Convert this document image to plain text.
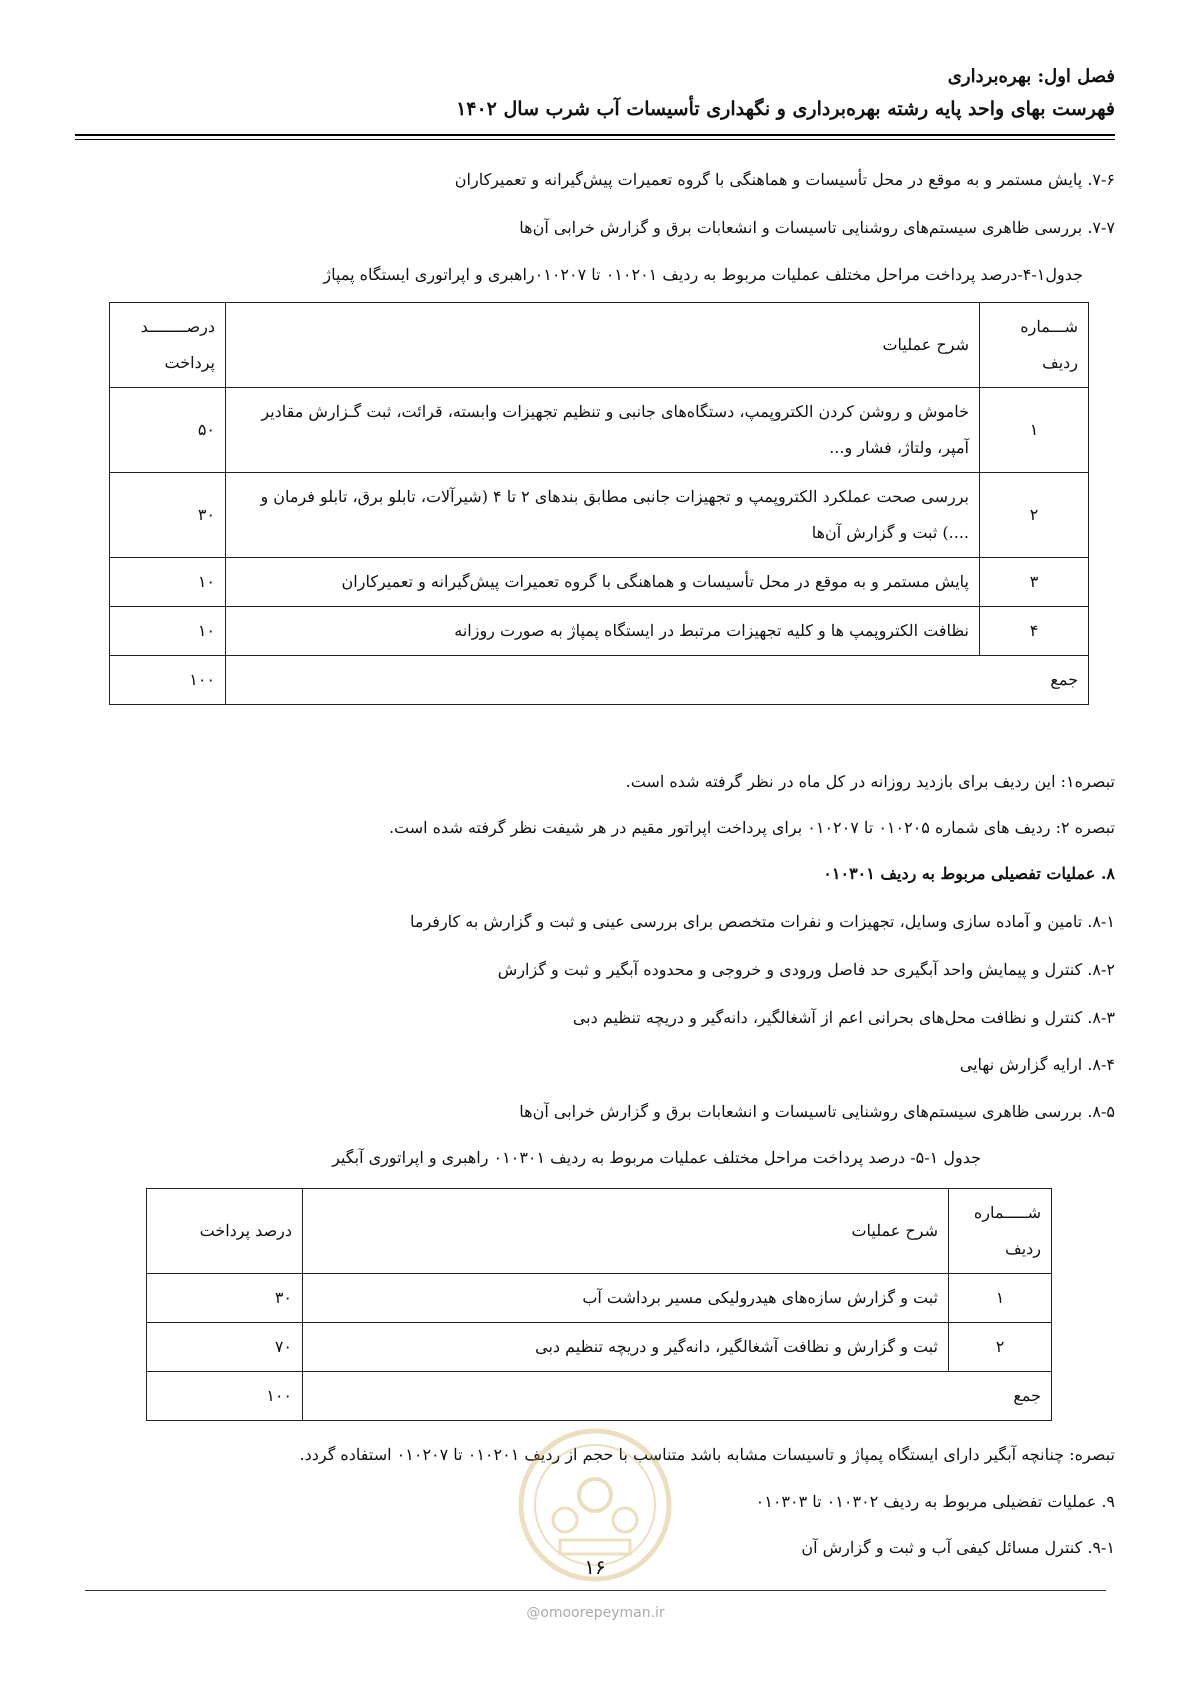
فصل اول: بهره‌برداری
فهرست بهای واحد پایه رشته بهره‌برداری و نگهداری تأسیسات آب شرب سال ۱۴۰۲
۷-۶. پایش مستمر و به موقع در محل تأسیسات و هماهنگی با گروه تعمیرات پیش‌گیرانه و تعمیرکاران
۷-۷. بررسی ظاهری سیستم‌های روشنایی تاسیسات و انشعابات برق و گزارش خرابی آن‌ها
جدول۱-۴-درصد پرداخت مراحل مختلف عملیات مربوط به ردیف ۰۱۰۲۰۱ تا ۰۱۰۲۰۷راهبری و اپراتوری ایستگاه پمپاژ
شـــماره ردیف	شرح عملیات	درصــــــــد پرداخت
۱	خاموش و روشن کردن الکتروپمپ، دستگاه‌های جانبی و تنظیم تجهیزات وابسته، قرائت، ثبت گـزارش مقادیر آمپر، ولتاژ، فشار و...	۵۰
۲	بررسی صحت عملکرد الکتروپمپ و تجهیزات جانبی مطابق بندهای ۲ تا ۴ (شیرآلات، تابلو برق، تابلو فرمان و ....) ثبت و گزارش آن‌ها	۳۰
۳	پایش مستمر و به موقع در محل تأسیسات و هماهنگی با گروه تعمیرات پیش‌گیرانه و تعمیرکاران	۱۰
۴	نظافت الکتروپمپ ها و کلیه تجهیزات مرتبط در ایستگاه پمپاژ به صورت روزانه	۱۰
جمع		۱۰۰
تبصره۱: این ردیف برای بازدید روزانه در کل ماه در نظر گرفته شده است.
تبصره ۲: ردیف های شماره ۰۱۰۲۰۵ تا ۰۱۰۲۰۷ برای پرداخت اپراتور مقیم در هر شیفت نظر گرفته شده است.
۸. عملیات تفصیلی مربوط به ردیف ۰۱۰۳۰۱
۸-۱. تامین و آماده سازی وسایل، تجهیزات و نفرات متخصص برای بررسی عینی و ثبت و گزارش به کارفرما
۸-۲. کنترل و پیمایش واحد آبگیری حد فاصل ورودی و خروجی و محدوده آبگیر و ثبت و گزارش
۸-۳. کنترل و نظافت محل‌های بحرانی اعم از آشغالگیر، دانه‌گیر و دریچه تنظیم دبی
۸-۴. ارایه گزارش نهایی
۸-۵. بررسی ظاهری سیستم‌های روشنایی تاسیسات و انشعابات برق و گزارش خرابی آن‌ها
جدول ۱-۵- درصد پرداخت مراحل مختلف عملیات مربوط به ردیف ۰۱۰۳۰۱ راهبری و اپراتوری آبگیر
شـــــماره ردیف	شرح عملیات	درصد پرداخت
۱	ثبت و گزارش سازه‌های هیدرولیکی مسیر برداشت آب	۳۰
۲	ثبت و گزارش و نظافت آشغالگیر، دانه‌گیر و دریچه تنظیم دبی	۷۰
جمع		۱۰۰
تبصره: چنانچه آبگیر دارای ایستگاه پمپاژ و تاسیسات مشابه باشد متناسب با حجم از ردیف ۰۱۰۲۰۱ تا ۰۱۰۲۰۷ استفاده گردد.
۹. عملیات تفضیلی مربوط به ردیف ۰۱۰۳۰۲ تا ۰۱۰۳۰۳
۹-۱. کنترل مسائل کیفی آب و ثبت و گزارش آن
۱۶
@omoorepeyman.ir
